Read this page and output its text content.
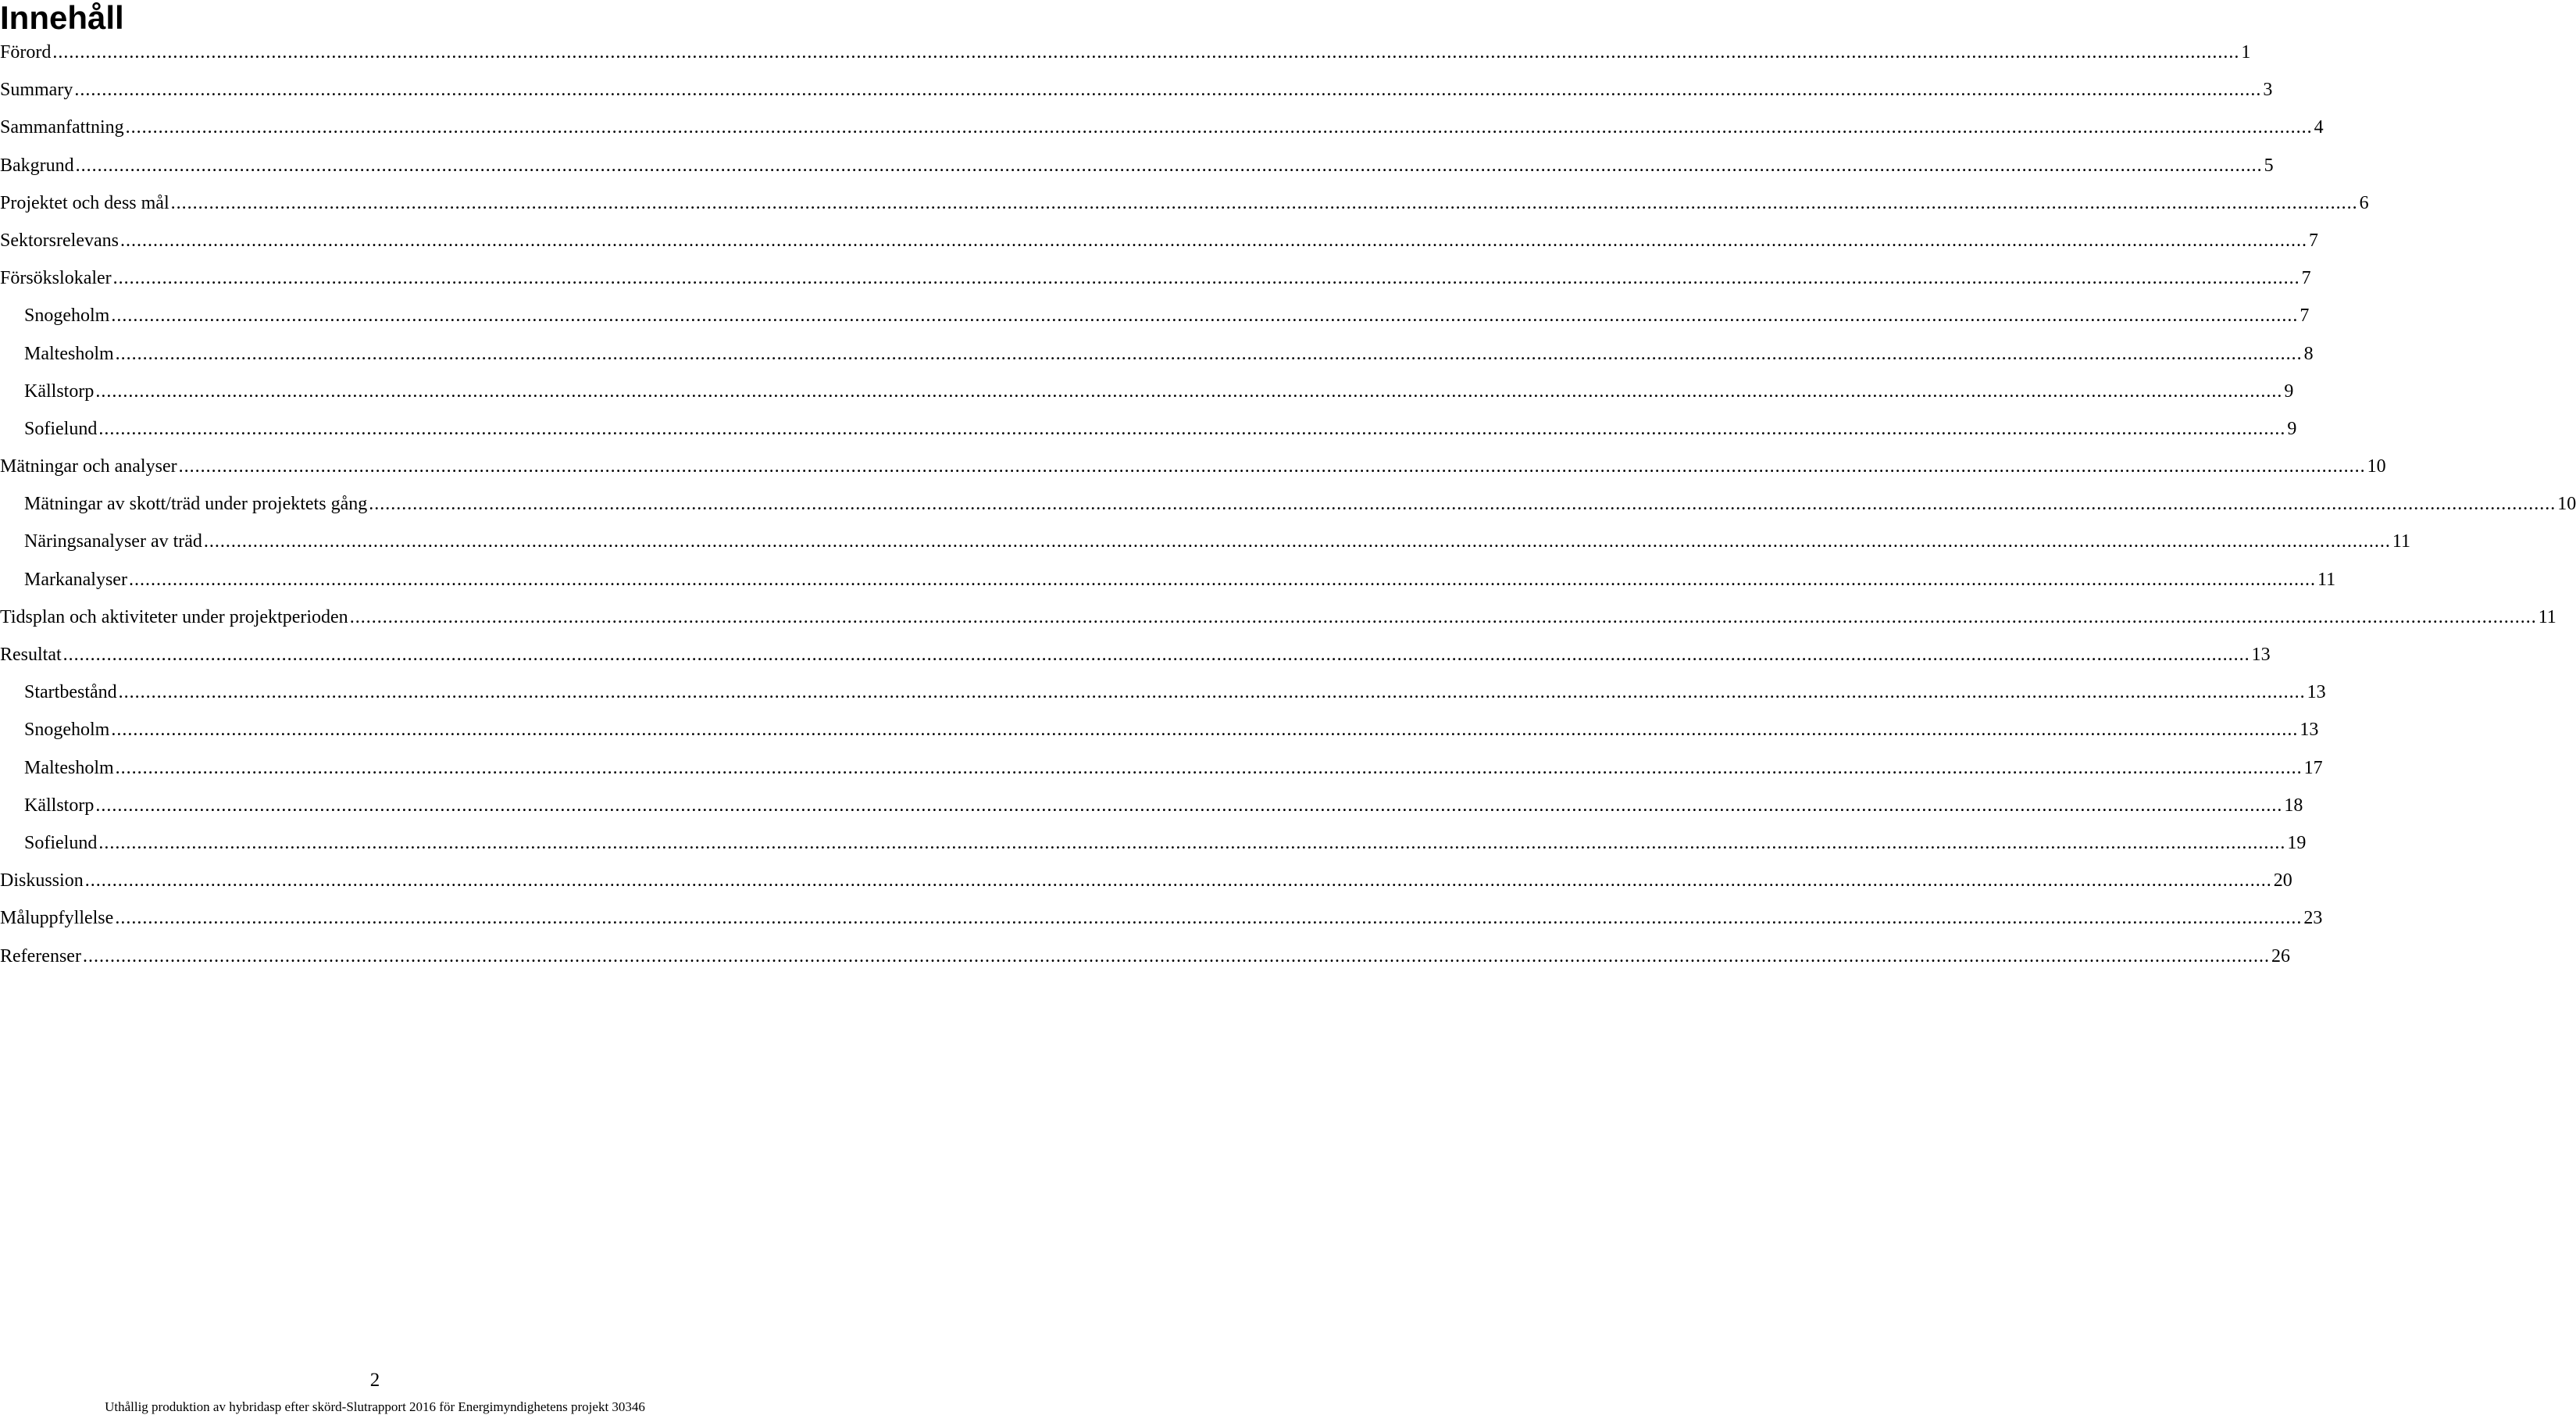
Innehåll
Förord ................................................................................................................................................................................................................................................................................................................................................................................................................ 1
Summary ................................................................................................................................................................................................................................................................................................................................................................................................................ 3
Sammanfattning ................................................................................................................................................................................................................................................................................................................................................................................................................ 4
Bakgrund ................................................................................................................................................................................................................................................................................................................................................................................................................ 5
Projektet och dess mål ................................................................................................................................................................................................................................................................................................................................................................................................................ 6
Sektorsrelevans ................................................................................................................................................................................................................................................................................................................................................................................................................ 7
Försökslokaler ................................................................................................................................................................................................................................................................................................................................................................................................................ 7
Snogeholm ................................................................................................................................................................................................................................................................................................................................................................................................................ 7
Maltesholm ................................................................................................................................................................................................................................................................................................................................................................................................................ 8
Källstorp ................................................................................................................................................................................................................................................................................................................................................................................................................ 9
Sofielund ................................................................................................................................................................................................................................................................................................................................................................................................................ 9
Mätningar och analyser ................................................................................................................................................................................................................................................................................................................................................................................................................ 10
Mätningar av skott/träd under projektets gång ................................................................................................................................................................................................................................................................................................................................................................................................................ 10
Näringsanalyser av träd ................................................................................................................................................................................................................................................................................................................................................................................................................ 11
Markanalyser ................................................................................................................................................................................................................................................................................................................................................................................................................ 11
Tidsplan och aktiviteter under projektperioden ................................................................................................................................................................................................................................................................................................................................................................................................................ 11
Resultat ................................................................................................................................................................................................................................................................................................................................................................................................................ 13
Startbestånd ................................................................................................................................................................................................................................................................................................................................................................................................................ 13
Snogeholm ................................................................................................................................................................................................................................................................................................................................................................................................................ 13
Maltesholm ................................................................................................................................................................................................................................................................................................................................................................................................................ 17
Källstorp ................................................................................................................................................................................................................................................................................................................................................................................................................ 18
Sofielund ................................................................................................................................................................................................................................................................................................................................................................................................................ 19
Diskussion ................................................................................................................................................................................................................................................................................................................................................................................................................ 20
Måluppfyllelse ................................................................................................................................................................................................................................................................................................................................................................................................................ 23
Referenser ................................................................................................................................................................................................................................................................................................................................................................................................................ 26
2
Uthållig produktion av hybridasp efter skörd-Slutrapport 2016 för Energimyndighetens projekt 30346
